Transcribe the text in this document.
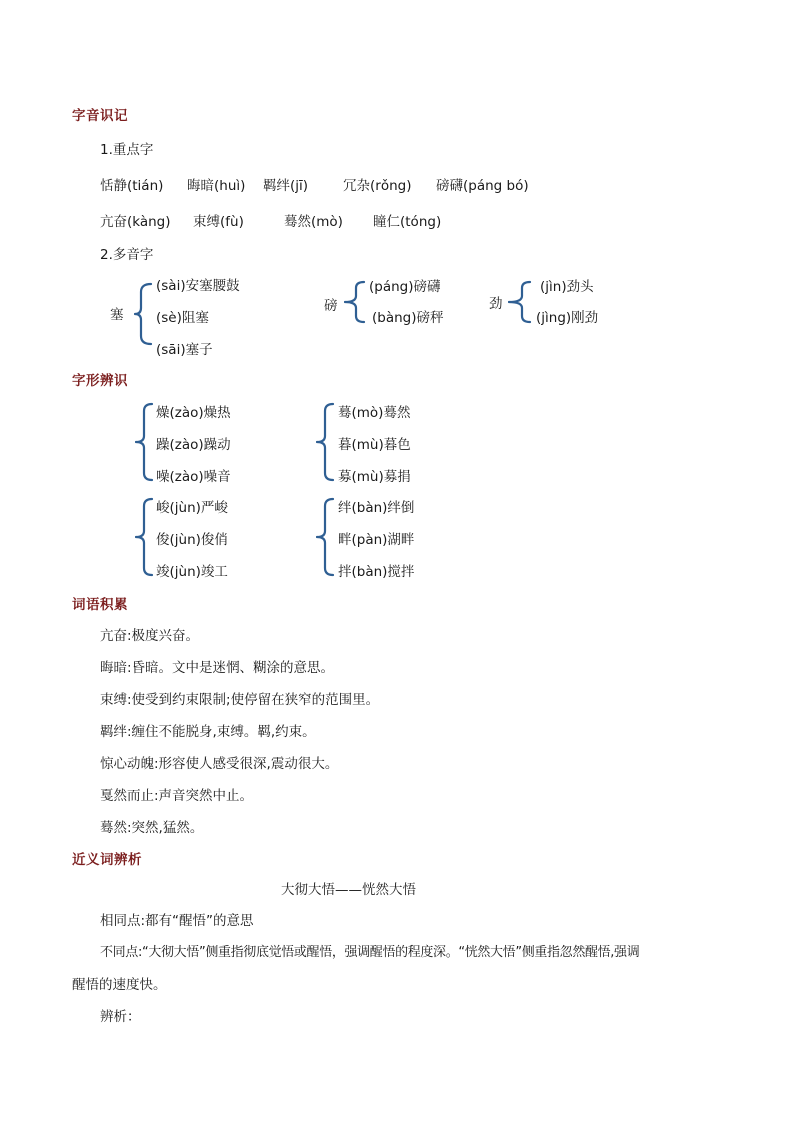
字音识记
1.重点字
恬静(tián) 晦暗(huì) 羁绊(jī)	冗杂(rǒng) 磅礴(páng bó)
亢奋(kàng) 束缚(fù)	蓦然(mò) 瞳仁(tóng)
2.多音字
塞
(sài)安塞腰鼓
(sè)阻塞
(sāi)塞子
磅
(páng)磅礴
(bàng)磅秤
劲
(jìn)劲头
(jìng)刚劲
字形辨识
燥(zào)燥热
躁(zào)躁动
噪(zào)噪音
蓦(mò)蓦然
暮(mù)暮色
募(mù)募捐
峻(jùn)严峻
俊(jùn)俊俏
竣(jùn)竣工
绊(bàn)绊倒
畔(pàn)湖畔
拌(bàn)搅拌
词语积累
亢奋:极度兴奋。
晦暗:昏暗。文中是迷惘、糊涂的意思。
束缚:使受到约束限制;使停留在狭窄的范围里。
羁绊:缠住不能脱身,束缚。羁,约束。
惊心动魄:形容使人感受很深,震动很大。
戛然而止:声音突然中止。
蓦然:突然,猛然。
近义词辨析
大彻大悟——恍然大悟
相同点:都有“醒悟”的意思
不同点:“大彻大悟”侧重指彻底觉悟或醒悟，强调醒悟的程度深。“恍然大悟”侧重指忽然醒悟,强调
醒悟的速度快。
辨析：
